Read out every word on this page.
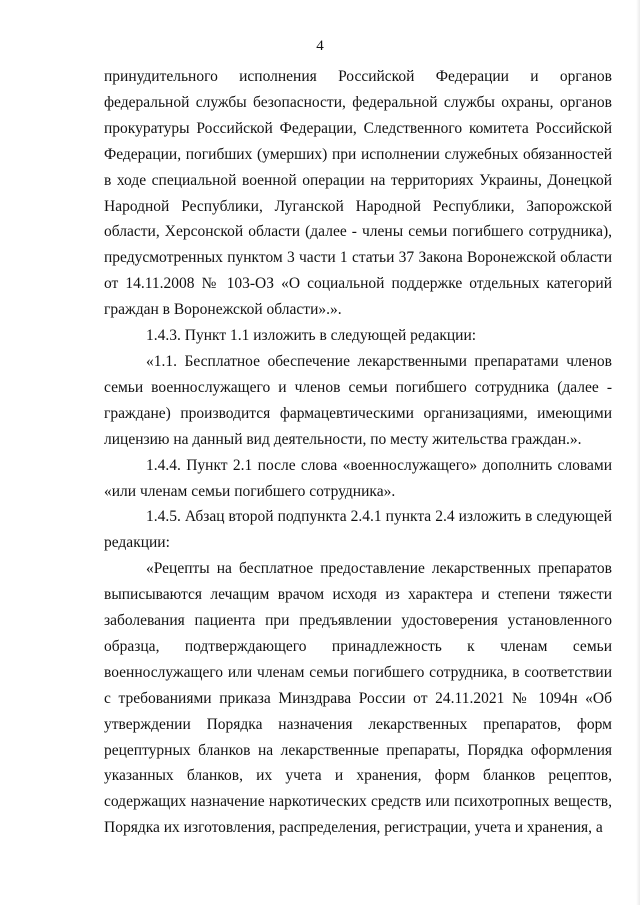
4

принудительного исполнения Российской Федерации и органов федеральной службы безопасности, федеральной службы охраны, органов прокуратуры Российской Федерации, Следственного комитета Российской Федерации, погибших (умерших) при исполнении служебных обязанностей в ходе специальной военной операции на территориях Украины, Донецкой Народной Республики, Луганской Народной Республики, Запорожской области, Херсонской области (далее - члены семьи погибшего сотрудника), предусмотренных пунктом 3 части 1 статьи 37 Закона Воронежской области от 14.11.2008 № 103-ОЗ «О социальной поддержке отдельных категорий граждан в Воронежской области».».

1.4.3. Пункт 1.1 изложить в следующей редакции:

«1.1. Бесплатное обеспечение лекарственными препаратами членов семьи военнослужащего и членов семьи погибшего сотрудника (далее - граждане) производится фармацевтическими организациями, имеющими лицензию на данный вид деятельности, по месту жительства граждан.».

1.4.4. Пункт 2.1 после слова «военнослужащего» дополнить словами «или членам семьи погибшего сотрудника».

1.4.5. Абзац второй подпункта 2.4.1 пункта 2.4 изложить в следующей редакции:

«Рецепты на бесплатное предоставление лекарственных препаратов выписываются лечащим врачом исходя из характера и степени тяжести заболевания пациента при предъявлении удостоверения установленного образца, подтверждающего принадлежность к членам семьи военнослужащего или членам семьи погибшего сотрудника, в соответствии с требованиями приказа Минздрава России от 24.11.2021 № 1094н «Об утверждении Порядка назначения лекарственных препаратов, форм рецептурных бланков на лекарственные препараты, Порядка оформления указанных бланков, их учета и хранения, форм бланков рецептов, содержащих назначение наркотических средств или психотропных веществ, Порядка их изготовления, распределения, регистрации, учета и хранения, а
